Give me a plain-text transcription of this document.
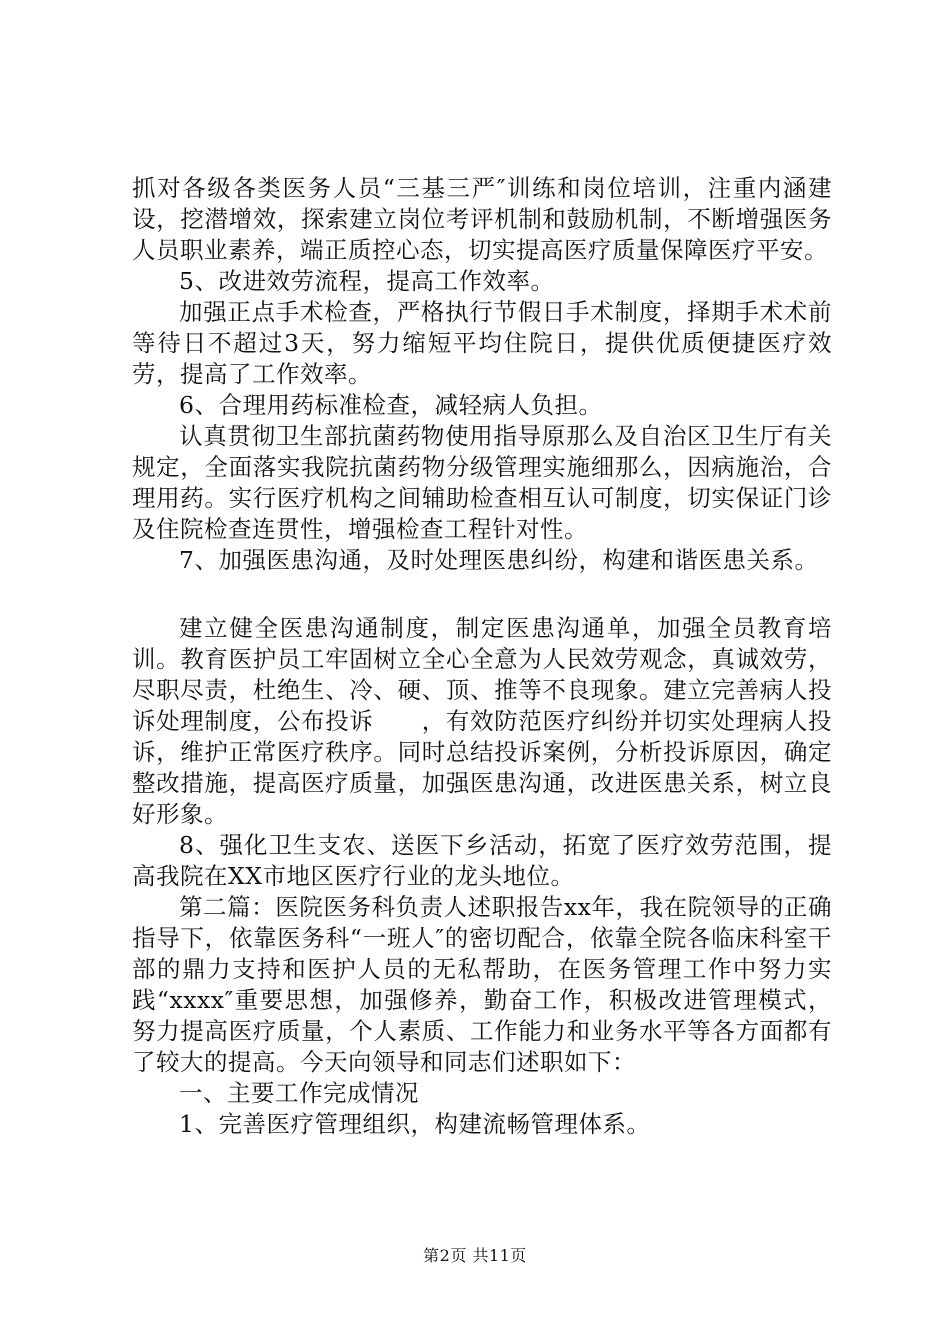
抓对各级各类医务人员“三基三严″训练和岗位培训，注重内涵建设，挖潜增效，探索建立岗位考评机制和鼓励机制，不断增强医务人员职业素养，端正质控心态，切实提高医疗质量保障医疗平安。

5、改进效劳流程，提高工作效率。

加强正点手术检查，严格执行节假日手术制度，择期手术术前等待日不超过3天，努力缩短平均住院日，提供优质便捷医疗效劳，提高了工作效率。

6、合理用药标准检查，减轻病人负担。

认真贯彻卫生部抗菌药物使用指导原那么及自治区卫生厅有关规定，全面落实我院抗菌药物分级管理实施细那么，因病施治，合理用药。实行医疗机构之间辅助检查相互认可制度，切实保证门诊及住院检查连贯性，增强检查工程针对性。

7、加强医患沟通，及时处理医患纠纷，构建和谐医患关系。

建立健全医患沟通制度，制定医患沟通单，加强全员教育培训。教育医护员工牢固树立全心全意为人民效劳观念，真诚效劳，尽职尽责，杜绝生、冷、硬、顶、推等不良现象。建立完善病人投诉处理制度，公布投诉　　，有效防范医疗纠纷并切实处理病人投诉，维护正常医疗秩序。同时总结投诉案例，分析投诉原因，确定整改措施，提高医疗质量，加强医患沟通，改进医患关系，树立良好形象。

8、强化卫生支农、送医下乡活动，拓宽了医疗效劳范围，提高我院在XX市地区医疗行业的龙头地位。

第二篇：医院医务科负责人述职报告xx年，我在院领导的正确指导下，依靠医务科“一班人″的密切配合，依靠全院各临床科室干部的鼎力支持和医护人员的无私帮助，在医务管理工作中努力实践“xxxx″重要思想，加强修养，勤奋工作，积极改进管理模式，努力提高医疗质量，个人素质、工作能力和业务水平等各方面都有了较大的提高。今天向领导和同志们述职如下：

一、主要工作完成情况

1、完善医疗管理组织，构建流畅管理体系。

第2页 共11页
